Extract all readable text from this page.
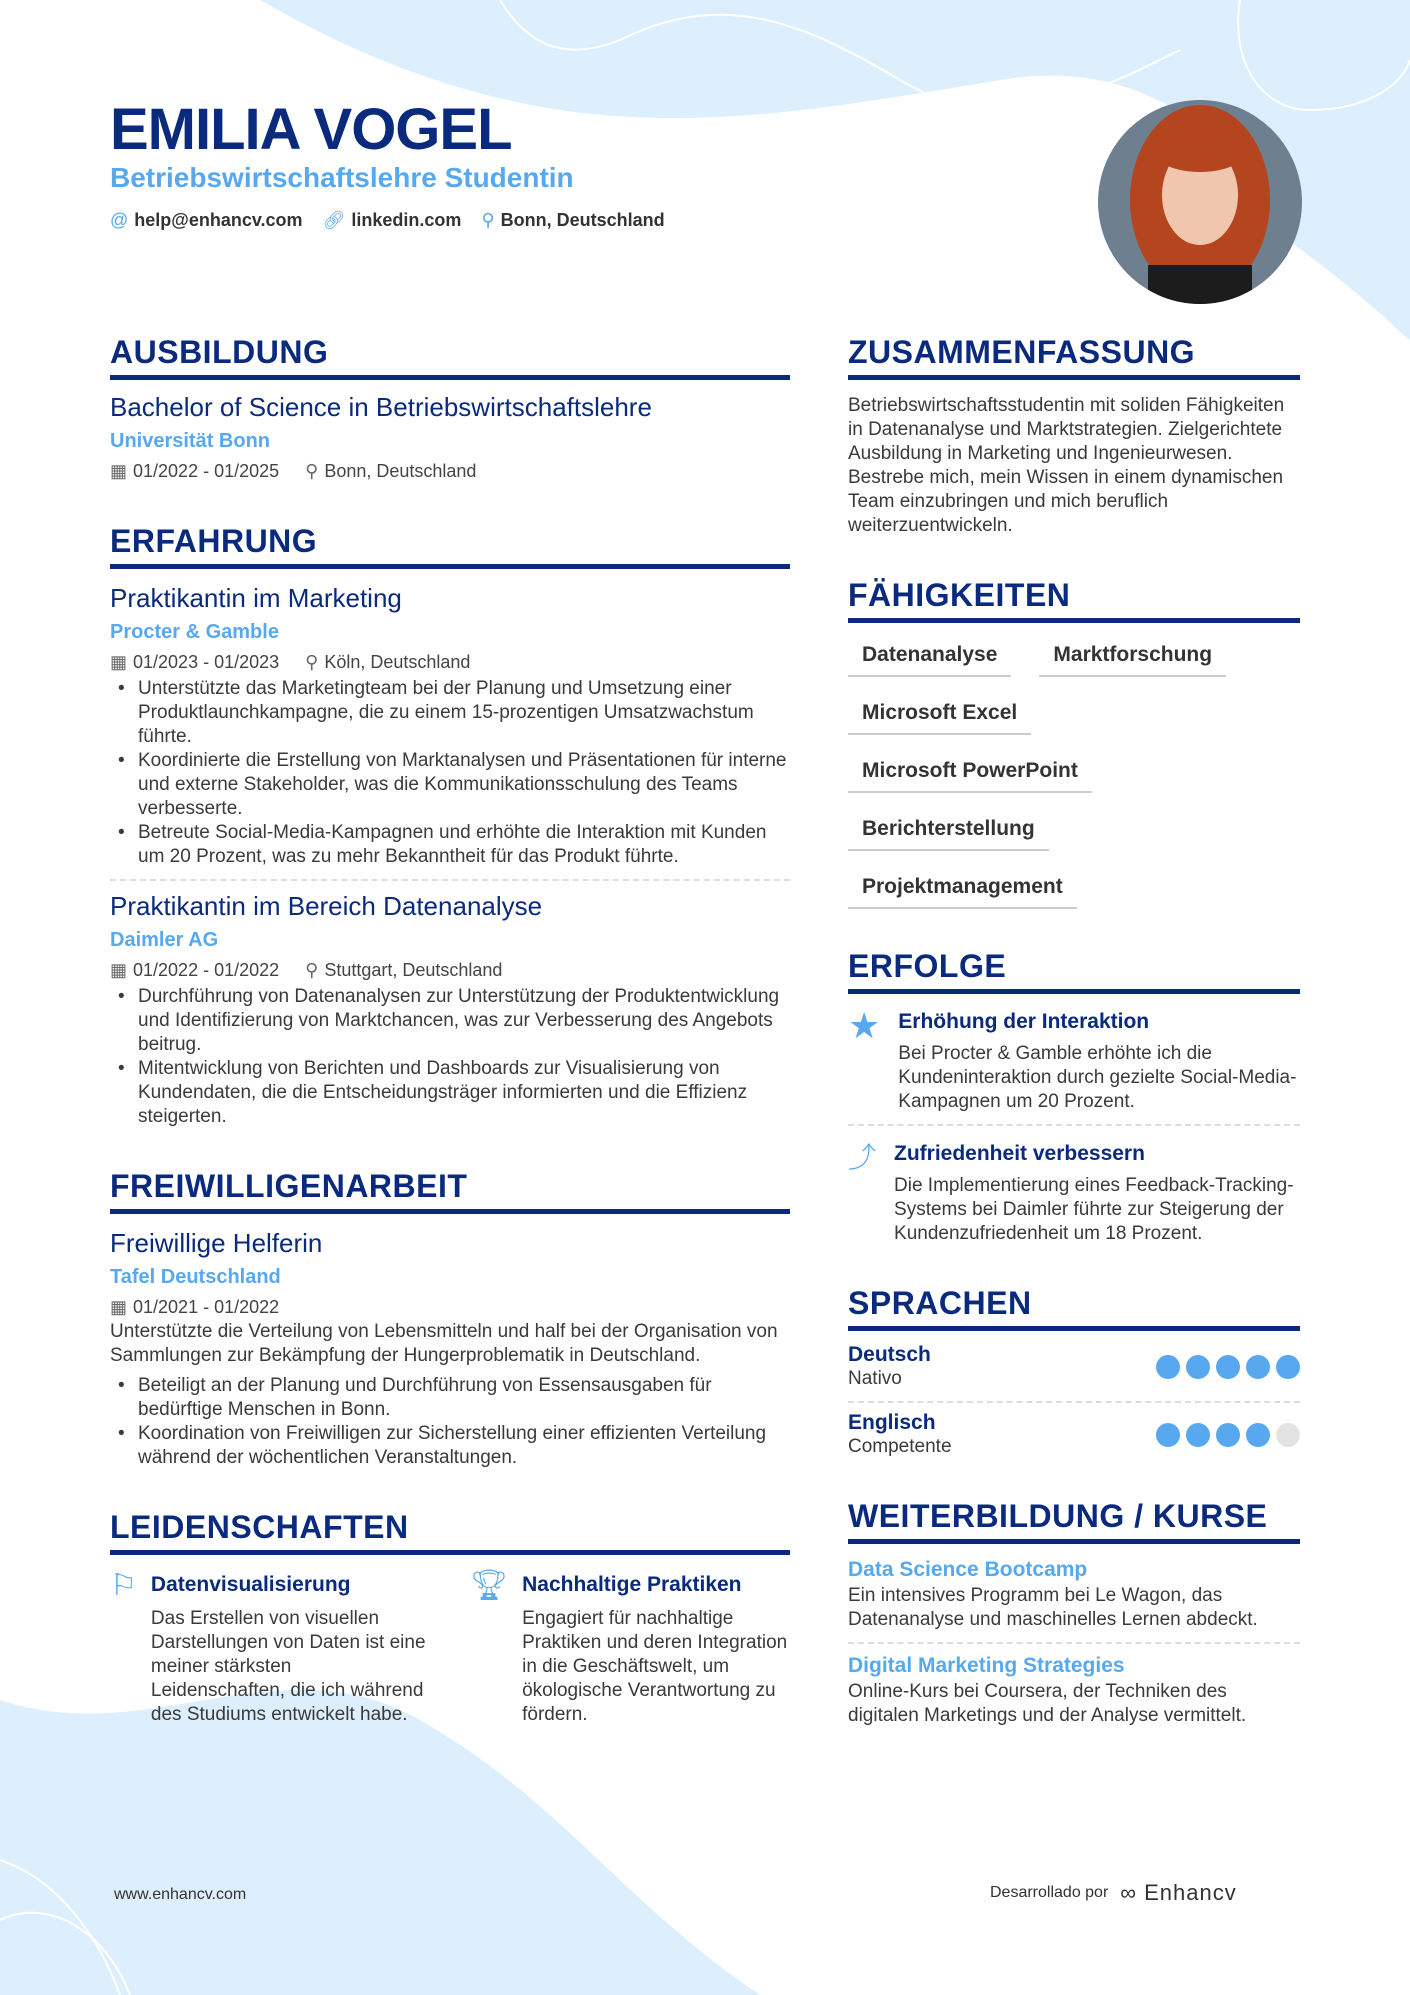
EMILIA VOGEL
Betriebswirtschaftslehre Studentin
@ help@enhancv.com 🔗︎ linkedin.com ⚲ Bonn, Deutschland
AUSBILDUNG
Bachelor of Science in Betriebswirtschaftslehre
Universität Bonn
▦ 01/2022 - 01/2025 ⚲ Bonn, Deutschland
ERFAHRUNG
Praktikantin im Marketing
Procter & Gamble
▦ 01/2023 - 01/2023 ⚲ Köln, Deutschland
• Unterstützte das Marketingteam bei der Planung und Umsetzung einer Produktlaunchkampagne, die zu einem 15-prozentigen Umsatzwachstum führte.
• Koordinierte die Erstellung von Marktanalysen und Präsentationen für interne und externe Stakeholder, was die Kommunikationsschulung des Teams verbesserte.
• Betreute Social-Media-Kampagnen und erhöhte die Interaktion mit Kunden um 20 Prozent, was zu mehr Bekanntheit für das Produkt führte.
Praktikantin im Bereich Datenanalyse
Daimler AG
▦ 01/2022 - 01/2022 ⚲ Stuttgart, Deutschland
• Durchführung von Datenanalysen zur Unterstützung der Produktentwicklung und Identifizierung von Marktchancen, was zur Verbesserung des Angebots beitrug.
• Mitentwicklung von Berichten und Dashboards zur Visualisierung von Kundendaten, die die Entscheidungsträger informierten und die Effizienz steigerten.
FREIWILLIGENARBEIT
Freiwillige Helferin
Tafel Deutschland
▦ 01/2021 - 01/2022
Unterstützte die Verteilung von Lebensmitteln und half bei der Organisation von Sammlungen zur Bekämpfung der Hungerproblematik in Deutschland.
• Beteiligt an der Planung und Durchführung von Essensausgaben für bedürftige Menschen in Bonn.
• Koordination von Freiwilligen zur Sicherstellung einer effizienten Verteilung während der wöchentlichen Veranstaltungen.
LEIDENSCHAFTEN
⚐ Datenvisualisierung
Das Erstellen von visuellen Darstellungen von Daten ist eine meiner stärksten Leidenschaften, die ich während des Studiums entwickelt habe.
🏆︎ Nachhaltige Praktiken
Engagiert für nachhaltige Praktiken und deren Integration in die Geschäftswelt, um ökologische Verantwortung zu fördern.
ZUSAMMENFASSUNG
Betriebswirtschaftsstudentin mit soliden Fähigkeiten in Datenanalyse und Marktstrategien. Zielgerichtete Ausbildung in Marketing und Ingenieurwesen. Bestrebe mich, mein Wissen in einem dynamischen Team einzubringen und mich beruflich weiterzuentwickeln.
FÄHIGKEITEN
Datenanalyse	Marktforschung
Microsoft Excel
Microsoft PowerPoint
Berichterstellung
Projektmanagement
ERFOLGE
★ Erhöhung der Interaktion
Bei Procter & Gamble erhöhte ich die Kundeninteraktion durch gezielte Social-Media-Kampagnen um 20 Prozent.
⤴ Zufriedenheit verbessern
Die Implementierung eines Feedback-Tracking-Systems bei Daimler führte zur Steigerung der Kundenzufriedenheit um 18 Prozent.
SPRACHEN
Deutsch
Nativo
Englisch
Competente
WEITERBILDUNG / KURSE
Data Science Bootcamp
Ein intensives Programm bei Le Wagon, das Datenanalyse und maschinelles Lernen abdeckt.
Digital Marketing Strategies
Online-Kurs bei Coursera, der Techniken des digitalen Marketings und der Analyse vermittelt.
www.enhancv.com	Desarrollado por ∞ Enhancv
